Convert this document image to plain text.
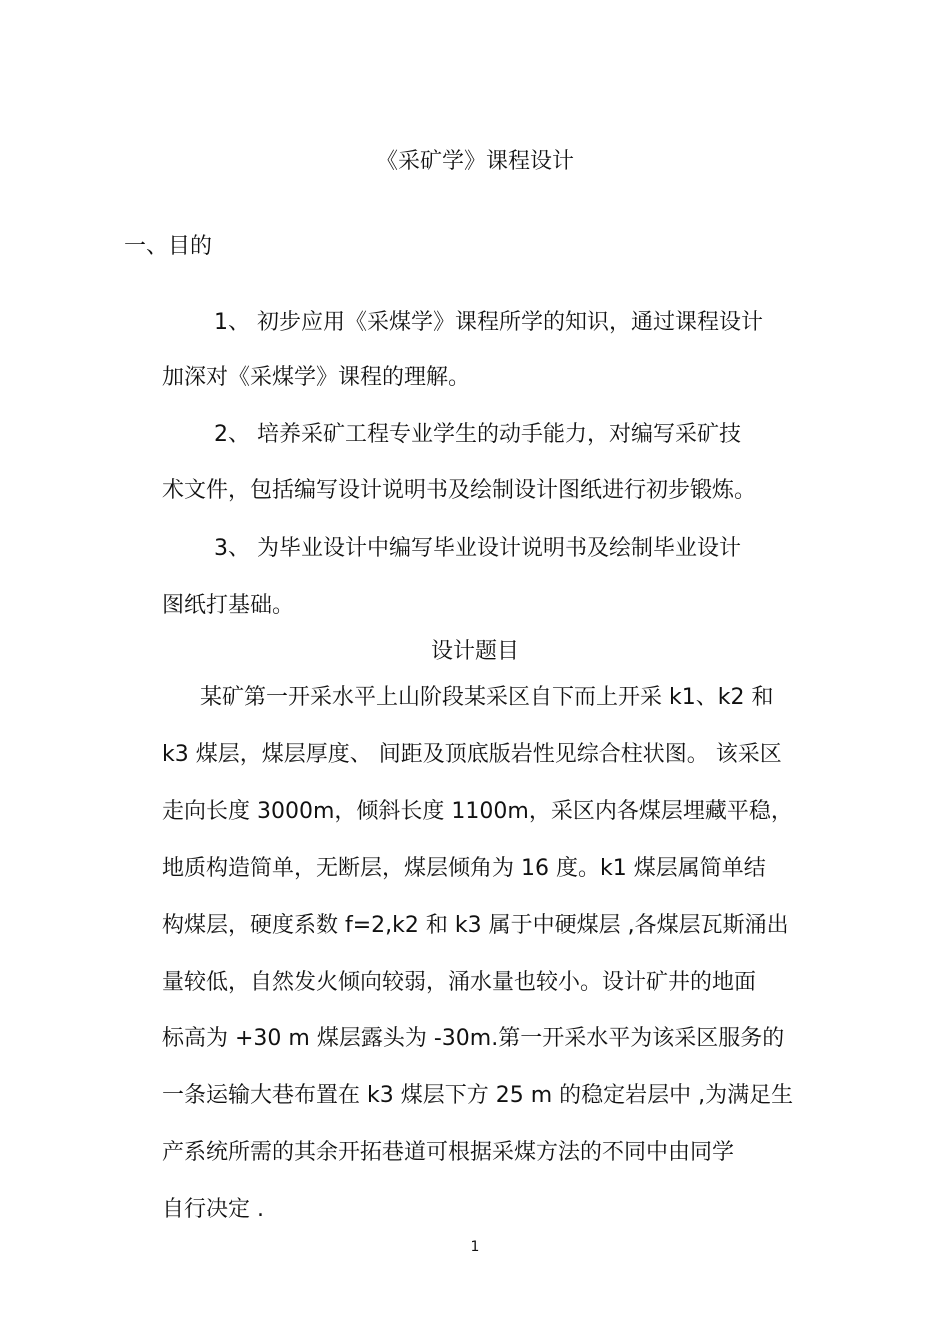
《采矿学》课程设计
一、目的

1、 初步应用《采煤学》课程所学的知识，通过课程设计

加深对《采煤学》课程的理解。

2、 培养采矿工程专业学生的动手能力，对编写采矿技

术文件，包括编写设计说明书及绘制设计图纸进行初步锻炼。

3、 为毕业设计中编写毕业设计说明书及绘制毕业设计

图纸打基础。

设计题目

某矿第一开采水平上山阶段某采区自下而上开采 k1、k2 和

k3 煤层，煤层厚度、 间距及顶底版岩性见综合柱状图。 该采区

走向长度 3000m，倾斜长度 1100m，采区内各煤层埋藏平稳，

地质构造简单，无断层，煤层倾角为 16 度。k1 煤层属简单结

构煤层，硬度系数 f=2,k2 和 k3 属于中硬煤层 ,各煤层瓦斯涌出

量较低，自然发火倾向较弱，涌水量也较小。设计矿井的地面

标高为 +30 m 煤层露头为 -30m.第一开采水平为该采区服务的

一条运输大巷布置在 k3 煤层下方 25 m 的稳定岩层中 ,为满足生

产系统所需的其余开拓巷道可根据采煤方法的不同中由同学

自行决定 .

1
